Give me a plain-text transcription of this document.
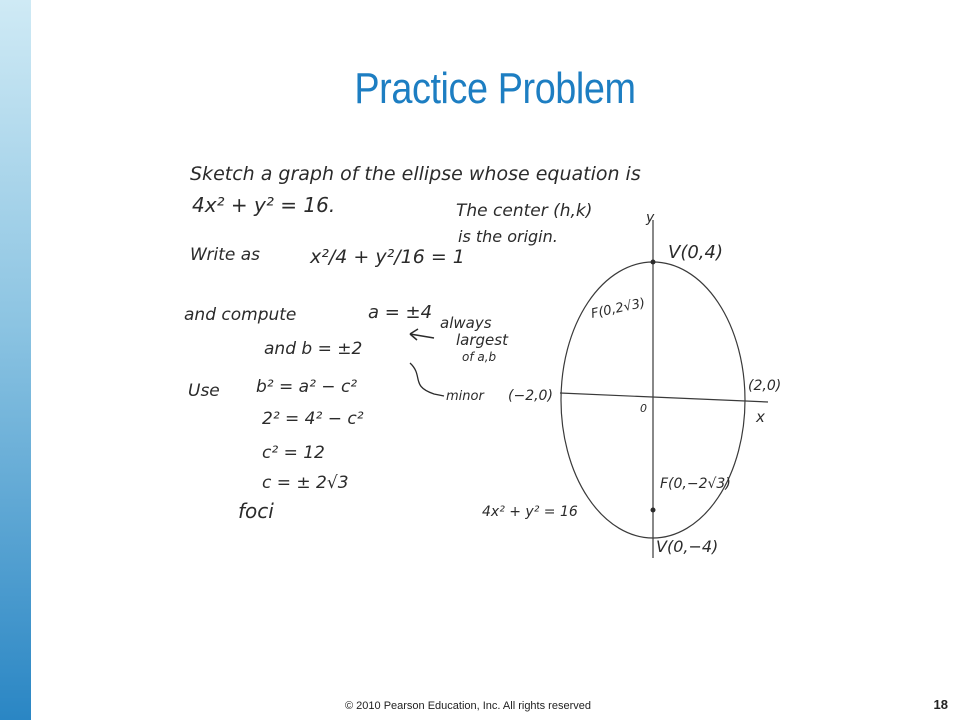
Practice Problem
Sketch a graph of the ellipse whose equation is
4x² + y² = 16.
Write as	x²/4 + y²/16 = 1
and compute	a = ±4
and b = ±2
always
largest
of a,b
minor
Use b² = a² − c²
2² = 4² − c²
c² = 12
c = ± 2√3
foci
The center (h,k)
is the origin.
y
x
0
V(0,4)
V(0,−4)
F(0,2√3)
F(0,−2√3)
(−2,0)
(2,0)
4x² + y² = 16
© 2010 Pearson Education, Inc. All rights reserved	18
